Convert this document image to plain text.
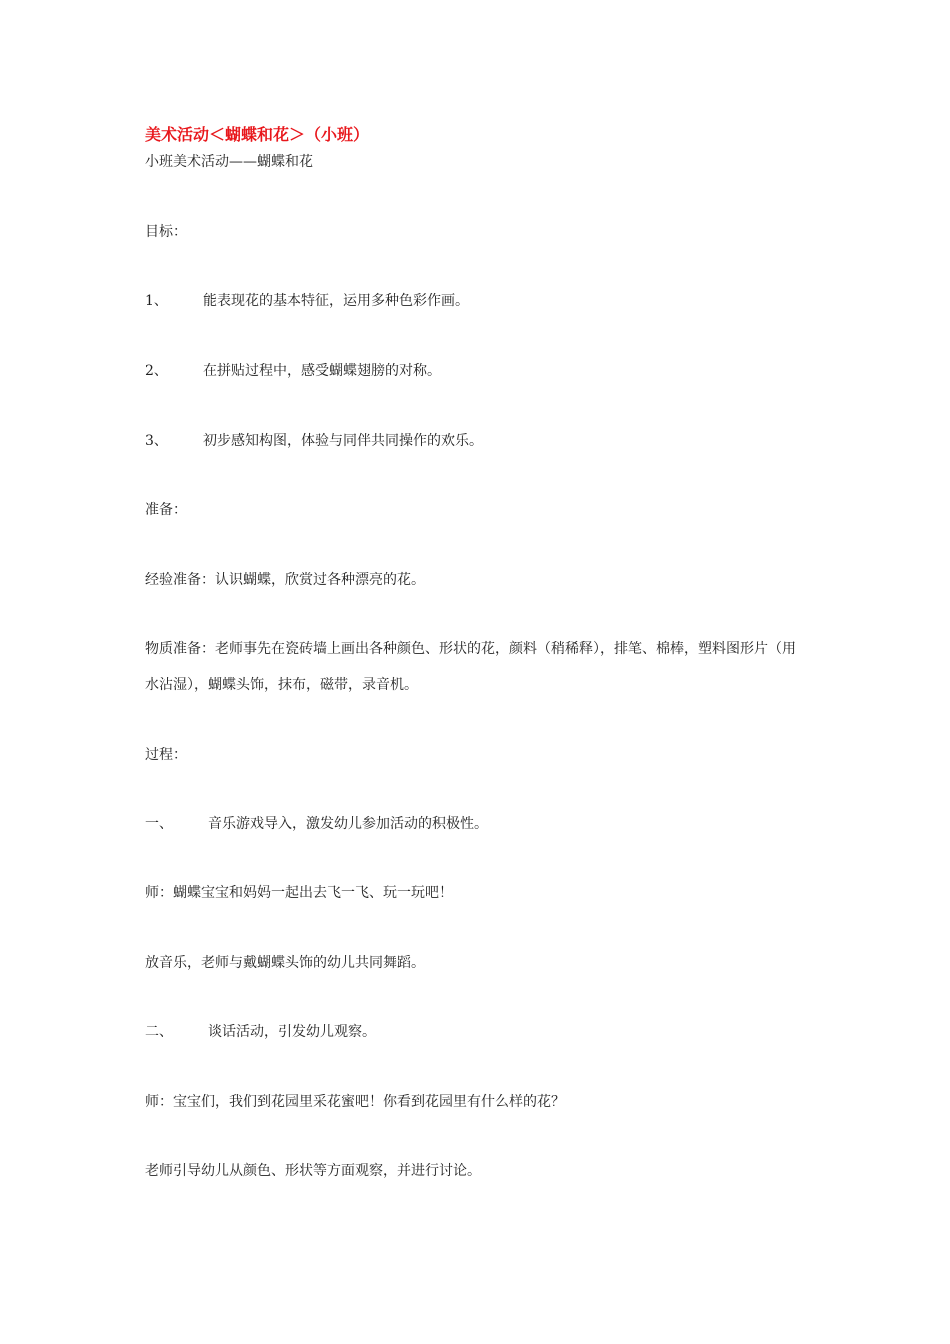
美术活动＜蝴蝶和花＞（小班）
小班美术活动——蝴蝶和花
目标：
1、	能表现花的基本特征，运用多种色彩作画。
2、	在拼贴过程中，感受蝴蝶翅膀的对称。
3、	初步感知构图，体验与同伴共同操作的欢乐。
准备：
经验准备：认识蝴蝶，欣赏过各种漂亮的花。
物质准备：老师事先在瓷砖墙上画出各种颜色、形状的花，颜料（稍稀释），排笔、棉棒，塑料图形片（用水沾湿），蝴蝶头饰，抹布，磁带，录音机。
过程：
一、	音乐游戏导入，激发幼儿参加活动的积极性。
师：蝴蝶宝宝和妈妈一起出去飞一飞、玩一玩吧！
放音乐，老师与戴蝴蝶头饰的幼儿共同舞蹈。
二、	谈话活动，引发幼儿观察。
师：宝宝们，我们到花园里采花蜜吧！你看到花园里有什么样的花？
老师引导幼儿从颜色、形状等方面观察，并进行讨论。
